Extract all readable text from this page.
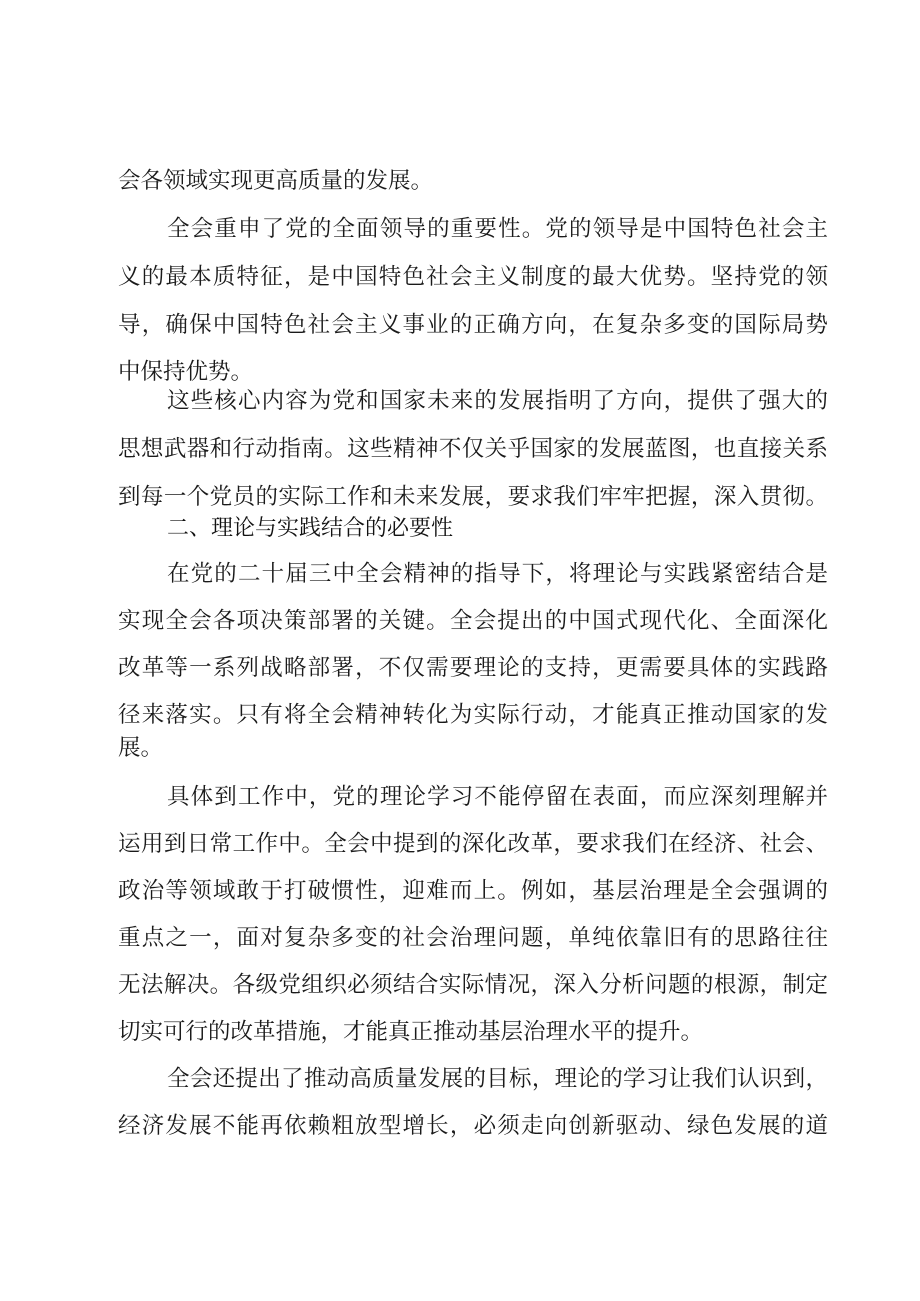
会各领域实现更高质量的发展。
全会重申了党的全面领导的重要性。党的领导是中国特色社会主
义的最本质特征，是中国特色社会主义制度的最大优势。坚持党的领
导，确保中国特色社会主义事业的正确方向，在复杂多变的国际局势
中保持优势。
这些核心内容为党和国家未来的发展指明了方向，提供了强大的
思想武器和行动指南。这些精神不仅关乎国家的发展蓝图，也直接关系
到每一个党员的实际工作和未来发展，要求我们牢牢把握，深入贯彻。
二、理论与实践结合的必要性
在党的二十届三中全会精神的指导下，将理论与实践紧密结合是
实现全会各项决策部署的关键。全会提出的中国式现代化、全面深化
改革等一系列战略部署，不仅需要理论的支持，更需要具体的实践路
径来落实。只有将全会精神转化为实际行动，才能真正推动国家的发
展。
具体到工作中，党的理论学习不能停留在表面，而应深刻理解并
运用到日常工作中。全会中提到的深化改革，要求我们在经济、社会、
政治等领域敢于打破惯性，迎难而上。例如，基层治理是全会强调的
重点之一，面对复杂多变的社会治理问题，单纯依靠旧有的思路往往
无法解决。各级党组织必须结合实际情况，深入分析问题的根源，制定
切实可行的改革措施，才能真正推动基层治理水平的提升。
全会还提出了推动高质量发展的目标，理论的学习让我们认识到，
经济发展不能再依赖粗放型增长，必须走向创新驱动、绿色发展的道
